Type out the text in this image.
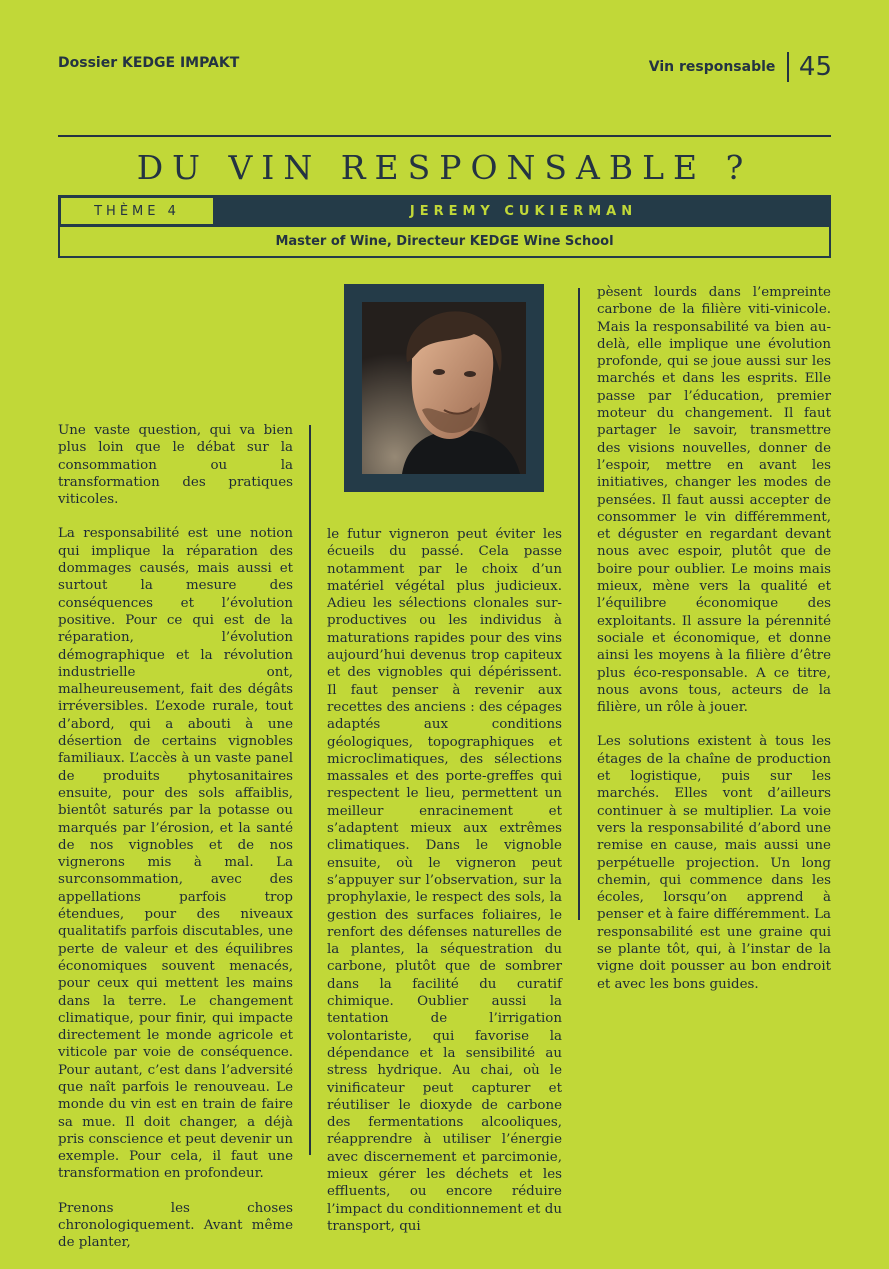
Dossier KEDGE IMPAKT	Vin responsable 45
DU VIN RESPONSABLE ?
THÈME 4	JEREMY CUKIERMAN
Master of Wine, Directeur KEDGE Wine School

Une vaste question, qui va bien plus loin que le débat sur la consommation ou la transformation des pratiques viticoles.

La responsabilité est une notion qui implique la réparation des dommages causés, mais aussi et surtout la mesure des conséquences et l’évolution positive. Pour ce qui est de la réparation, l’évolution démographique et la révolution industrielle ont, malheureusement, fait des dégâts irréversibles. L’exode rurale, tout d’abord, qui a abouti à une désertion de certains vignobles familiaux. L’accès à un vaste panel de produits phytosanitaires ensuite, pour des sols affaiblis, bientôt saturés par la potasse ou marqués par l’érosion, et la santé de nos vignobles et de nos vignerons mis à mal. La surconsommation, avec des appellations parfois trop étendues, pour des niveaux qualitatifs parfois discutables, une perte de valeur et des équilibres économiques souvent menacés, pour ceux qui mettent les mains dans la terre. Le changement climatique, pour finir, qui impacte directement le monde agricole et viticole par voie de conséquence. Pour autant, c’est dans l’adversité que naît parfois le renouveau. Le monde du vin est en train de faire sa mue. Il doit changer, a déjà pris conscience et peut devenir un exemple. Pour cela, il faut une transformation en profondeur.

Prenons les choses chronologiquement. Avant même de planter,

le futur vigneron peut éviter les écueils du passé. Cela passe notamment par le choix d’un matériel végétal plus judicieux. Adieu les sélections clonales sur-productives ou les individus à maturations rapides pour des vins aujourd’hui devenus trop capiteux et des vignobles qui dépérissent. Il faut penser à revenir aux recettes des anciens : des cépages adaptés aux conditions géologiques, topographiques et microclimatiques, des sélections massales et des porte-greffes qui respectent le lieu, permettent un meilleur enracinement et s’adaptent mieux aux extrêmes climatiques. Dans le vignoble ensuite, où le vigneron peut s’appuyer sur l’observation, sur la prophylaxie, le respect des sols, la gestion des surfaces foliaires, le renfort des défenses naturelles de la plantes, la séquestration du carbone, plutôt que de sombrer dans la facilité du curatif chimique. Oublier aussi la tentation de l’irrigation volontariste, qui favorise la dépendance et la sensibilité au stress hydrique. Au chai, où le vinificateur peut capturer et réutiliser le dioxyde de carbone des fermentations alcooliques, réapprendre à utiliser l’énergie avec discernement et parcimonie, mieux gérer les déchets et les effluents, ou encore réduire l’impact du conditionnement et du transport, qui

pèsent lourds dans l’empreinte carbone de la filière viti-vinicole. Mais la responsabilité va bien au-delà, elle implique une évolution profonde, qui se joue aussi sur les marchés et dans les esprits. Elle passe par l’éducation, premier moteur du changement. Il faut partager le savoir, transmettre des visions nouvelles, donner de l’espoir, mettre en avant les initiatives, changer les modes de pensées. Il faut aussi accepter de consommer le vin différemment, et déguster en regardant devant nous avec espoir, plutôt que de boire pour oublier. Le moins mais mieux, mène vers la qualité et l’équilibre économique des exploitants. Il assure la pérennité sociale et économique, et donne ainsi les moyens à la filière d’être plus éco-responsable. A ce titre, nous avons tous, acteurs de la filière, un rôle à jouer.

Les solutions existent à tous les étages de la chaîne de production et logistique, puis sur les marchés. Elles vont d’ailleurs continuer à se multiplier. La voie vers la responsabilité d’abord une remise en cause, mais aussi une perpétuelle projection. Un long chemin, qui commence dans les écoles, lorsqu’on apprend à penser et à faire différemment. La responsabilité est une graine qui se plante tôt, qui, à l’instar de la vigne doit pousser au bon endroit et avec les bons guides.
